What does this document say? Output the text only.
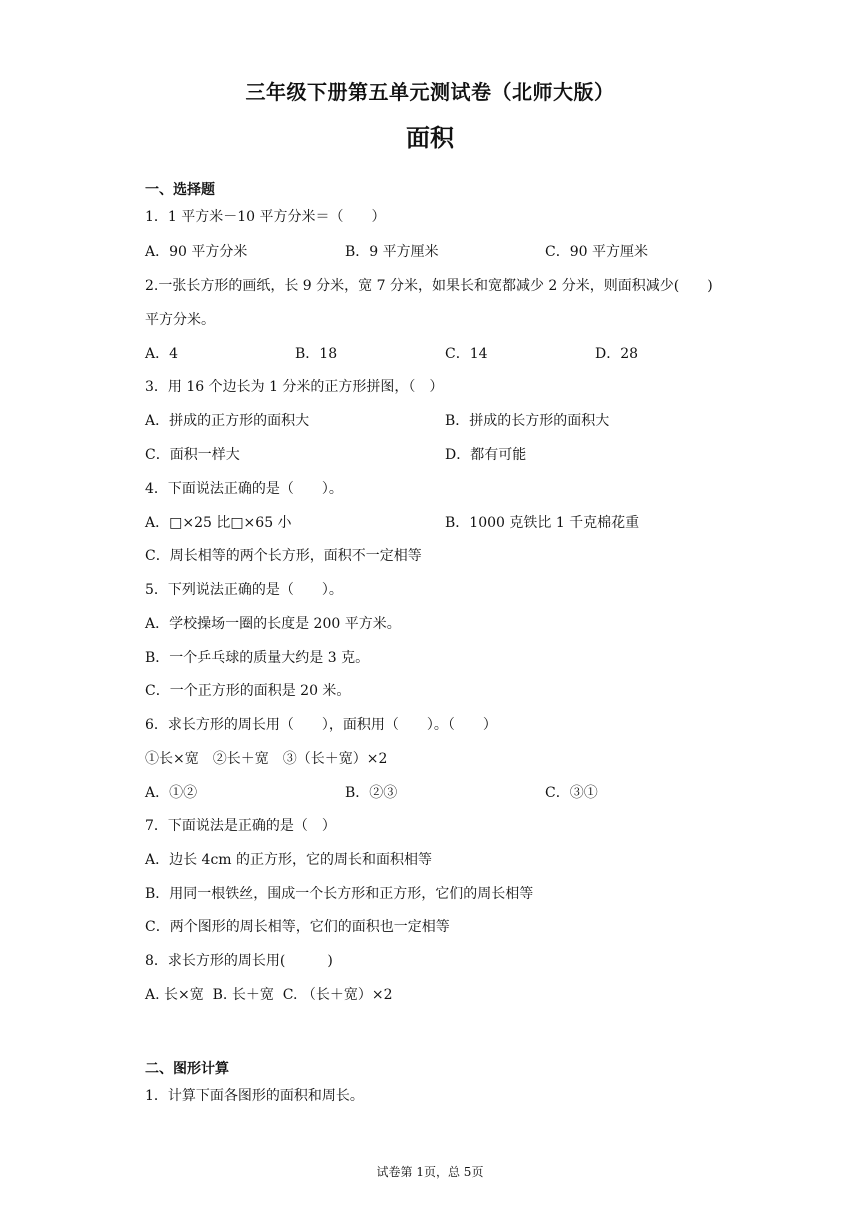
三年级下册第五单元测试卷（北师大版）
面积
一、选择题
1．1 平方米－10 平方分米＝（　　）
A．90 平方分米	B．9 平方厘米	C．90 平方厘米
2.一张长方形的画纸，长 9 分米，宽 7 分米，如果长和宽都减少 2 分米，则面积减少(　　)
平方分米。
A．4	B．18	C．14	D．28
3．用 16 个边长为 1 分米的正方形拼图，（　）
A．拼成的正方形的面积大	B．拼成的长方形的面积大
C．面积一样大	D．都有可能
4．下面说法正确的是（　　）。
A．□×25 比□×65 小	B．1000 克铁比 1 千克棉花重
C．周长相等的两个长方形，面积不一定相等
5．下列说法正确的是（　　）。
A．学校操场一圈的长度是 200 平方米。
B．一个乒乓球的质量大约是 3 克。
C．一个正方形的面积是 20 米。
6．求长方形的周长用（　　），面积用（　　）。（　　）
①长×宽　②长＋宽　③（长＋宽）×2
A．①②	B．②③	C．③①
7．下面说法是正确的是（　）
A．边长 4cm 的正方形，它的周长和面积相等
B．用同一根铁丝，围成一个长方形和正方形，它们的周长相等
C．两个图形的周长相等，它们的面积也一定相等
8．求长方形的周长用(　　　)
A. 长×宽  B. 长＋宽  C. （长＋宽）×2
二、图形计算
1．计算下面各图形的面积和周长。
试卷第 1页，总 5页
